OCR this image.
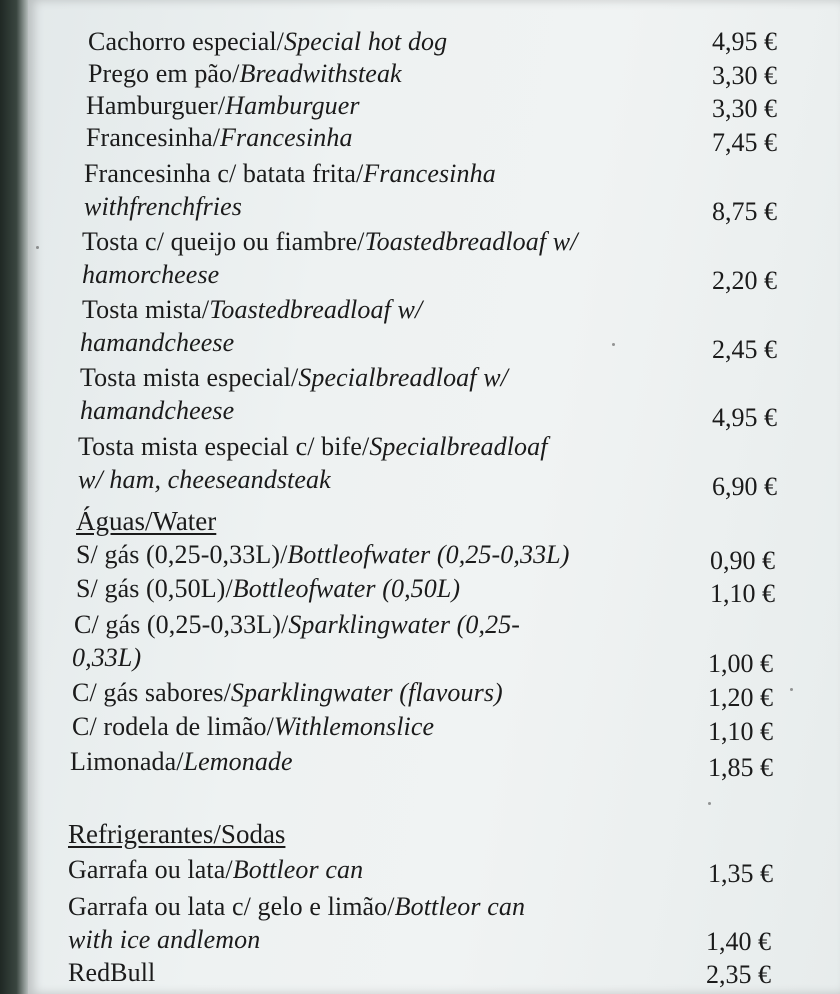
Cachorro especial/Special hot dog	4,95 €
Prego em pão/Breadwithsteak	3,30 €
Hamburguer/Hamburguer	3,30 €
Francesinha/Francesinha	7,45 €
Francesinha c/ batata frita/Francesinha
withfrenchfries	8,75 €
Tosta c/ queijo ou fiambre/Toastedbreadloaf w/
hamorcheese	2,20 €
Tosta mista/Toastedbreadloaf w/
hamandcheese	2,45 €
Tosta mista especial/Specialbreadloaf w/
hamandcheese	4,95 €
Tosta mista especial c/ bife/Specialbreadloaf
w/ ham, cheeseandsteak	6,90 €
Águas/Water
S/ gás (0,25-0,33L)/Bottleofwater (0,25-0,33L)	0,90 €
S/ gás (0,50L)/Bottleofwater (0,50L)	1,10 €
C/ gás (0,25-0,33L)/Sparklingwater (0,25-
0,33L)	1,00 €
C/ gás sabores/Sparklingwater (flavours)	1,20 €
C/ rodela de limão/Withlemonslice	1,10 €
Limonada/Lemonade	1,85 €
Refrigerantes/Sodas
Garrafa ou lata/Bottleor can	1,35 €
Garrafa ou lata c/ gelo e limão/Bottleor can
with ice andlemon	1,40 €
RedBull	2,35 €
